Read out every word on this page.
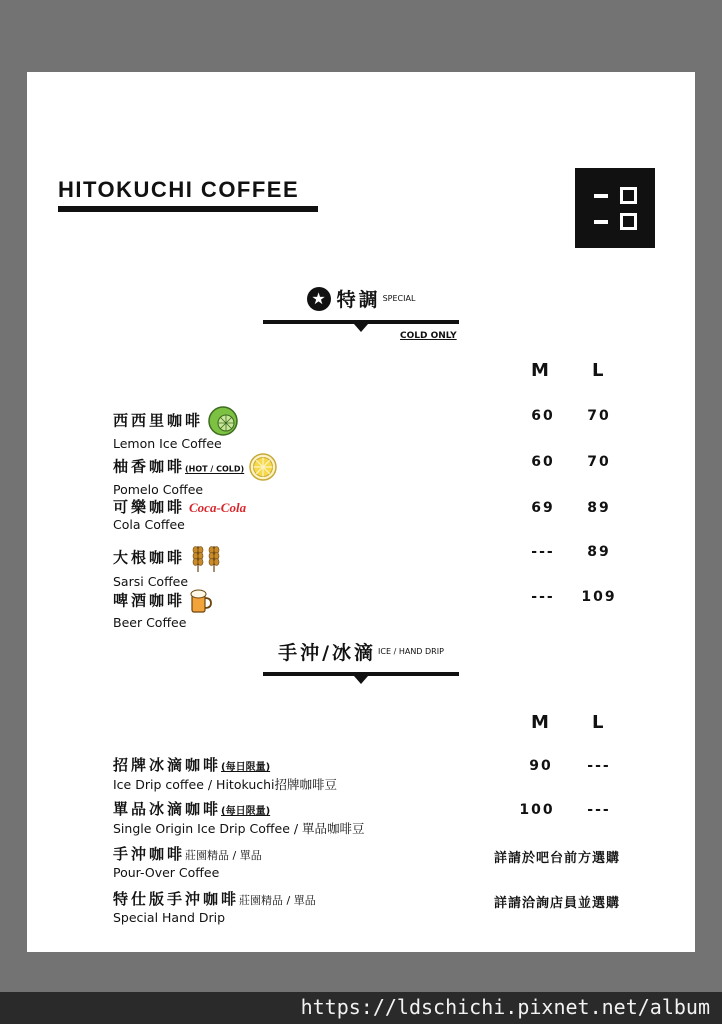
HITOKUCHI COFFEE
★ 特調 SPECIAL
COLD ONLY
M L
西西里咖啡
Lemon Ice Coffee
60	70
柚香咖啡(HOT / COLD)
Pomelo Coffee
60	70
可樂咖啡 Coca-Cola
Cola Coffee
69	89
大根咖啡
Sarsi Coffee
---	89
啤酒咖啡
Beer Coffee
---	109
手沖/冰滴 ICE / HAND DRIP
M L
招牌冰滴咖啡(每日限量)
Ice Drip coffee / Hitokuchi招牌咖啡豆
90	---
單品冰滴咖啡(每日限量)
Single Origin Ice Drip Coffee / 單品咖啡豆
100	---
手沖咖啡莊園精品 / 單品
Pour-Over Coffee
詳請於吧台前方選購
特仕版手沖咖啡莊園精品 / 單品
Special Hand Drip
詳請洽詢店員並選購
https://ldschichi.pixnet.net/album
